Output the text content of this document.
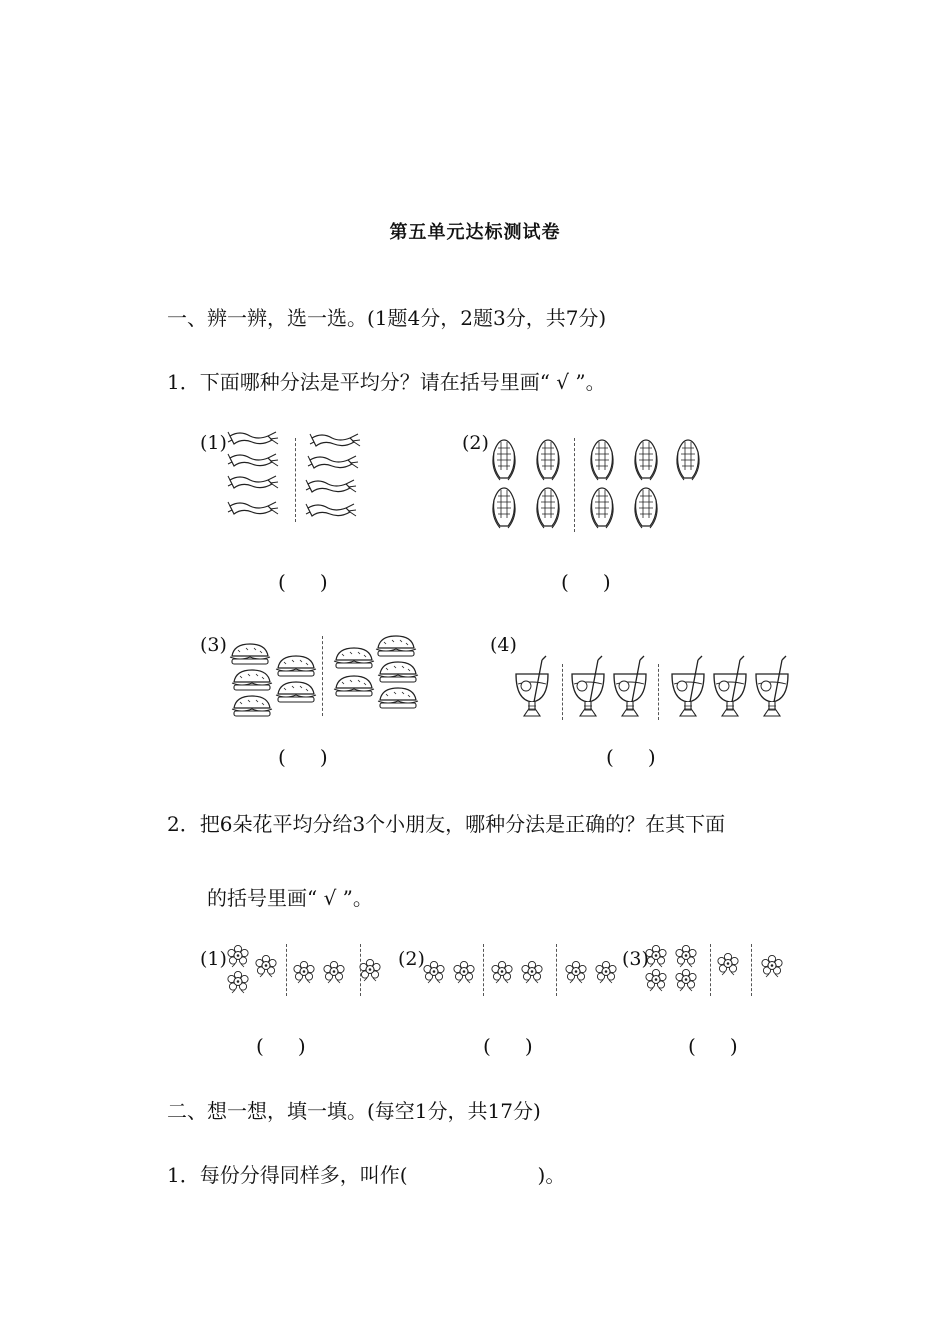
第五单元达标测试卷
一、辨一辨，选一选。(1题4分，2题3分，共7分)
1．下面哪种分法是平均分？请在括号里画“ √ ”。
(1)
( )
(2)
( )
(3)
( )
(4)
( )
2．把6朵花平均分给3个小朋友，哪种分法是正确的？在其下面
的括号里画“ √ ”。
(1)	(2)	(3)
( )	( )	( )
二、想一想，填一填。(每空1分，共17分)
1．每份分得同样多，叫作(	)。
